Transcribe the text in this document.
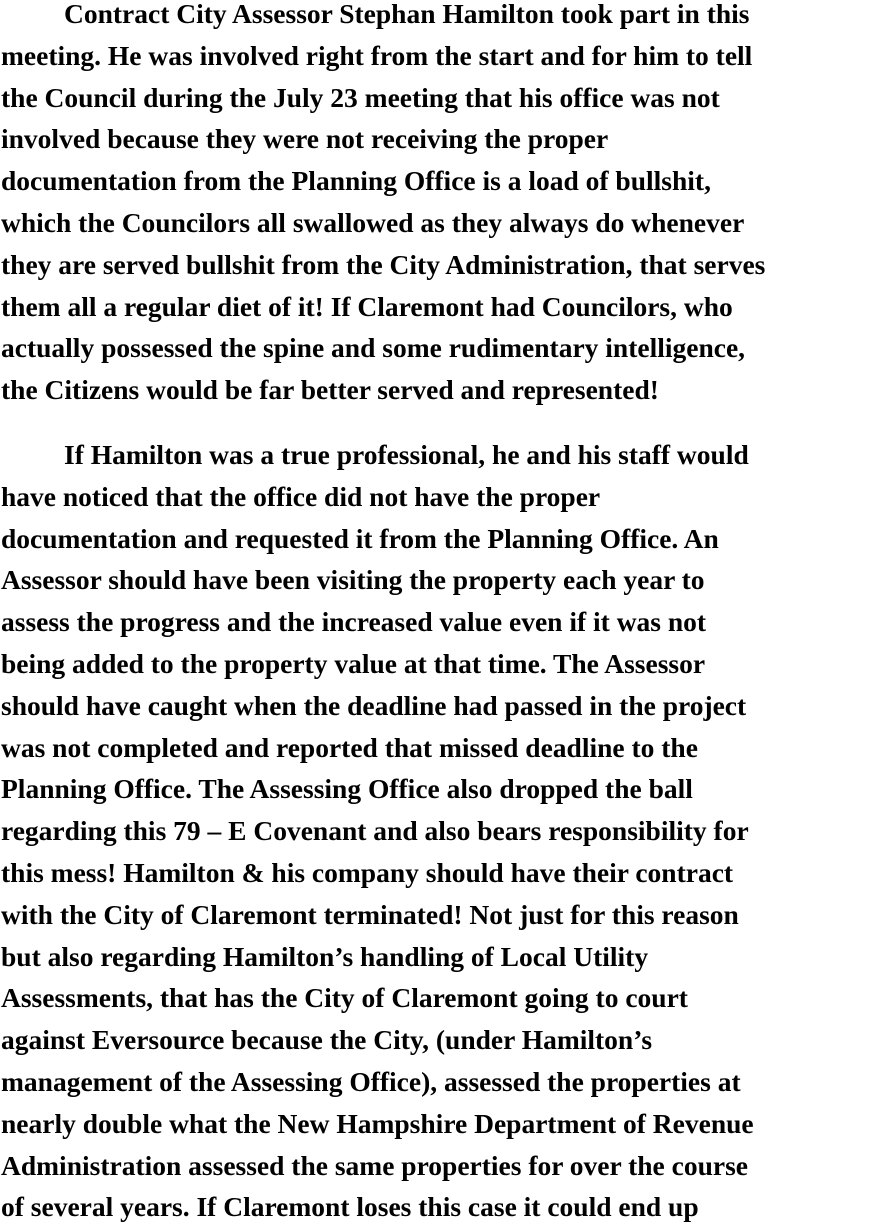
Contract City Assessor Stephan Hamilton took part in this
meeting. He was involved right from the start and for him to tell
the Council during the July 23 meeting that his office was not
involved because they were not receiving the proper
documentation from the Planning Office is a load of bullshit,
which the Councilors all swallowed as they always do whenever
they are served bullshit from the City Administration, that serves
them all a regular diet of it! If Claremont had Councilors, who
actually possessed the spine and some rudimentary intelligence,
the Citizens would be far better served and represented!

If Hamilton was a true professional, he and his staff would
have noticed that the office did not have the proper
documentation and requested it from the Planning Office. An
Assessor should have been visiting the property each year to
assess the progress and the increased value even if it was not
being added to the property value at that time. The Assessor
should have caught when the deadline had passed in the project
was not completed and reported that missed deadline to the
Planning Office. The Assessing Office also dropped the ball
regarding this 79 – E Covenant and also bears responsibility for
this mess! Hamilton & his company should have their contract
with the City of Claremont terminated! Not just for this reason
but also regarding Hamilton’s handling of Local Utility
Assessments, that has the City of Claremont going to court
against Eversource because the City, (under Hamilton’s
management of the Assessing Office), assessed the properties at
nearly double what the New Hampshire Department of Revenue
Administration assessed the same properties for over the course
of several years. If Claremont loses this case it could end up
